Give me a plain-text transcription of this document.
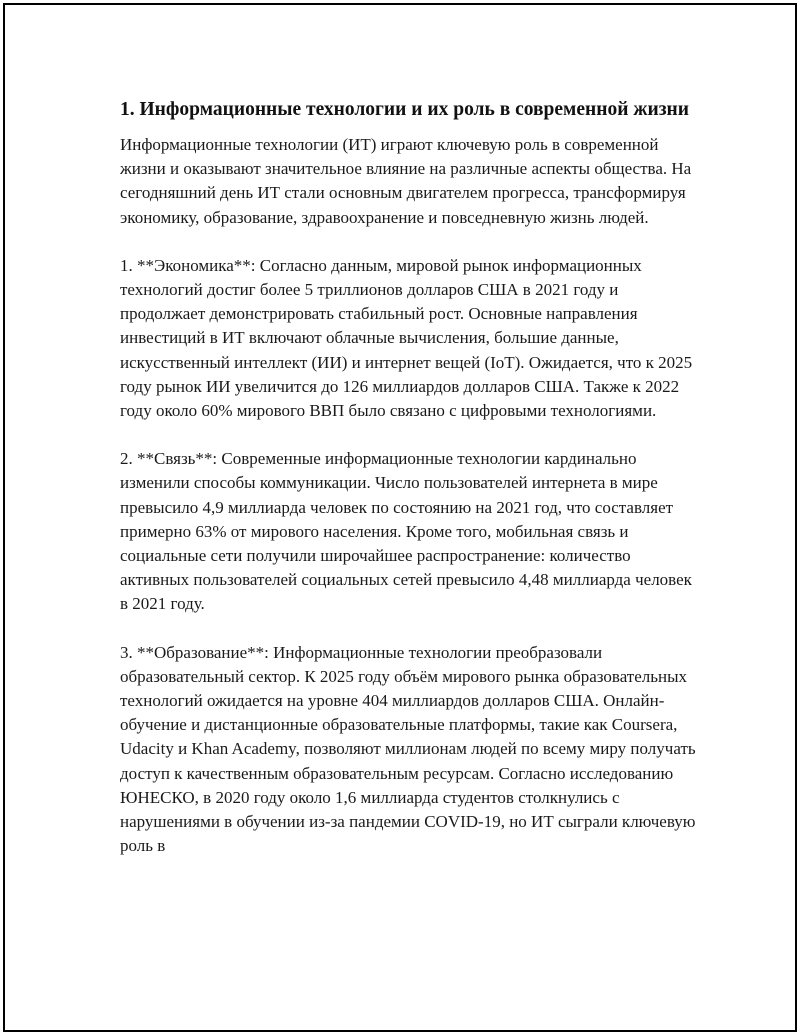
1. Информационные технологии и их роль в современной жизни

Информационные технологии (ИТ) играют ключевую роль в современной жизни и оказывают значительное влияние на различные аспекты общества. На сегодняшний день ИТ стали основным двигателем прогресса, трансформируя экономику, образование, здравоохранение и повседневную жизнь людей.

1. **Экономика**: Согласно данным, мировой рынок информационных технологий достиг более 5 триллионов долларов США в 2021 году и продолжает демонстрировать стабильный рост. Основные направления инвестиций в ИТ включают облачные вычисления, большие данные, искусственный интеллект (ИИ) и интернет вещей (IoT). Ожидается, что к 2025 году рынок ИИ увеличится до 126 миллиардов долларов США. Также к 2022 году около 60% мирового ВВП было связано с цифровыми технологиями.

2. **Связь**: Современные информационные технологии кардинально изменили способы коммуникации. Число пользователей интернета в мире превысило 4,9 миллиарда человек по состоянию на 2021 год, что составляет примерно 63% от мирового населения. Кроме того, мобильная связь и социальные сети получили широчайшее распространение: количество активных пользователей социальных сетей превысило 4,48 миллиарда человек в 2021 году.

3. **Образование**: Информационные технологии преобразовали образовательный сектор. К 2025 году объём мирового рынка образовательных технологий ожидается на уровне 404 миллиардов долларов США. Онлайн-обучение и дистанционные образовательные платформы, такие как Coursera, Udacity и Khan Academy, позволяют миллионам людей по всему миру получать доступ к качественным образовательным ресурсам. Согласно исследованию ЮНЕСКО, в 2020 году около 1,6 миллиарда студентов столкнулись с нарушениями в обучении из-за пандемии COVID-19, но ИТ сыграли ключевую роль в
